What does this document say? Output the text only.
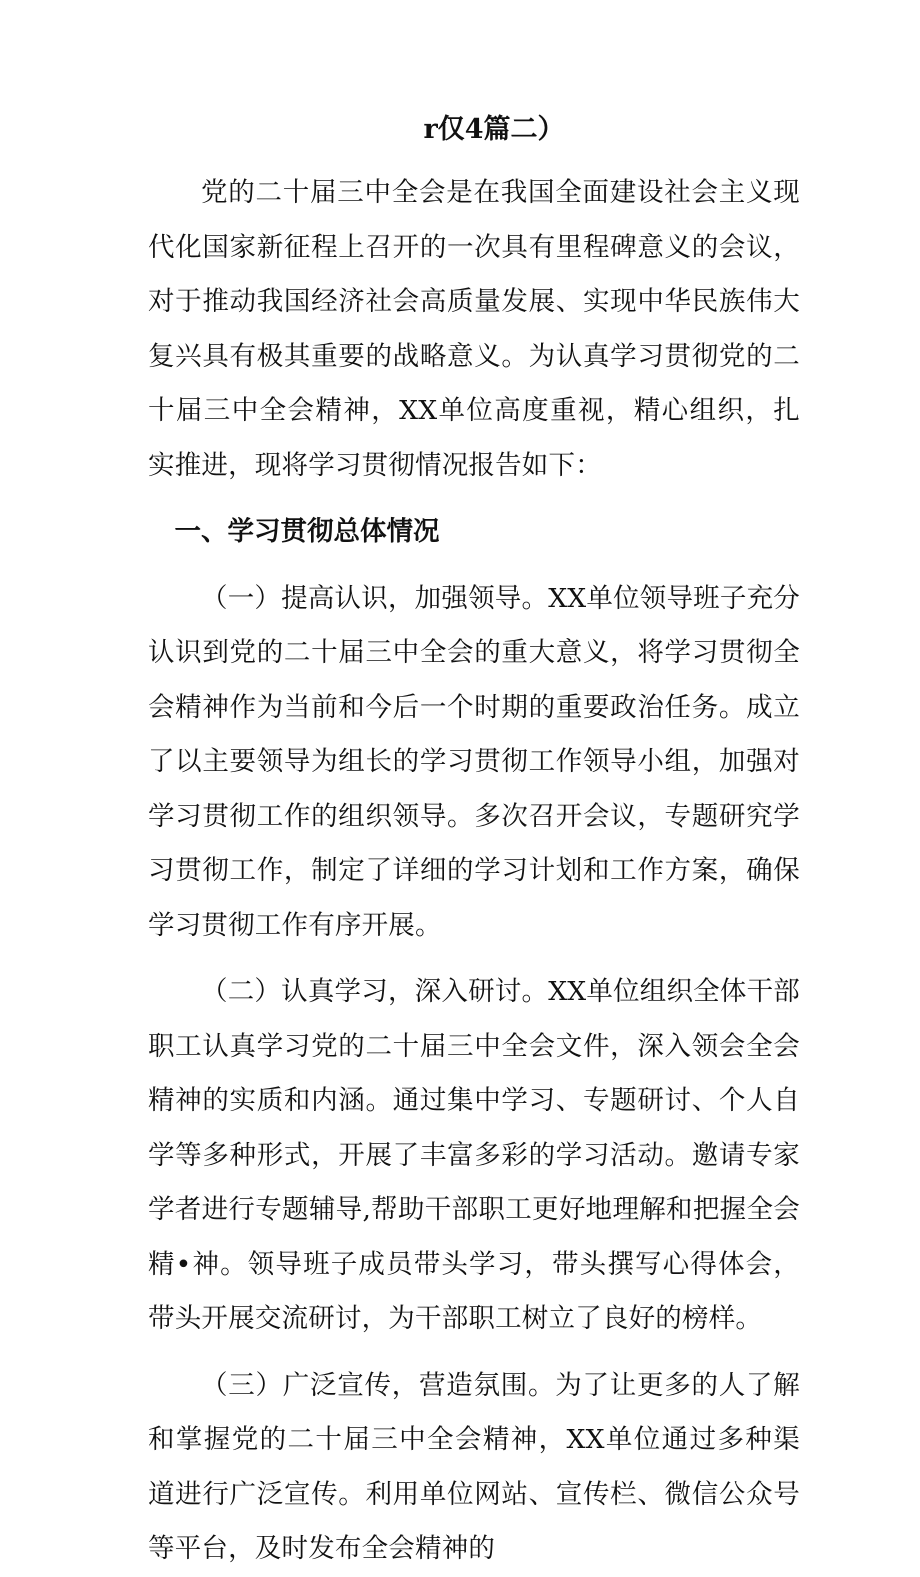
r仅4篇二）

党的二十届三中全会是在我国全面建设社会主义现代化国家新征程上召开的一次具有里程碑意义的会议，对于推动我国经济社会高质量发展、实现中华民族伟大复兴具有极其重要的战略意义。为认真学习贯彻党的二十届三中全会精神，XX单位高度重视，精心组织，扎实推进，现将学习贯彻情况报告如下：

一、学习贯彻总体情况

（一）提高认识，加强领导。XX单位领导班子充分认识到党的二十届三中全会的重大意义，将学习贯彻全会精神作为当前和今后一个时期的重要政治任务。成立了以主要领导为组长的学习贯彻工作领导小组，加强对学习贯彻工作的组织领导。多次召开会议，专题研究学习贯彻工作，制定了详细的学习计划和工作方案，确保学习贯彻工作有序开展。

（二）认真学习，深入研讨。XX单位组织全体干部职工认真学习党的二十届三中全会文件，深入领会全会精神的实质和内涵。通过集中学习、专题研讨、个人自学等多种形式，开展了丰富多彩的学习活动。邀请专家学者进行专题辅导,帮助干部职工更好地理解和把握全会精•神。领导班子成员带头学习，带头撰写心得体会，带头开展交流研讨，为干部职工树立了良好的榜样。

（三）广泛宣传，营造氛围。为了让更多的人了解和掌握党的二十届三中全会精神，XX单位通过多种渠道进行广泛宣传。利用单位网站、宣传栏、微信公众号等平台，及时发布全会精神的
